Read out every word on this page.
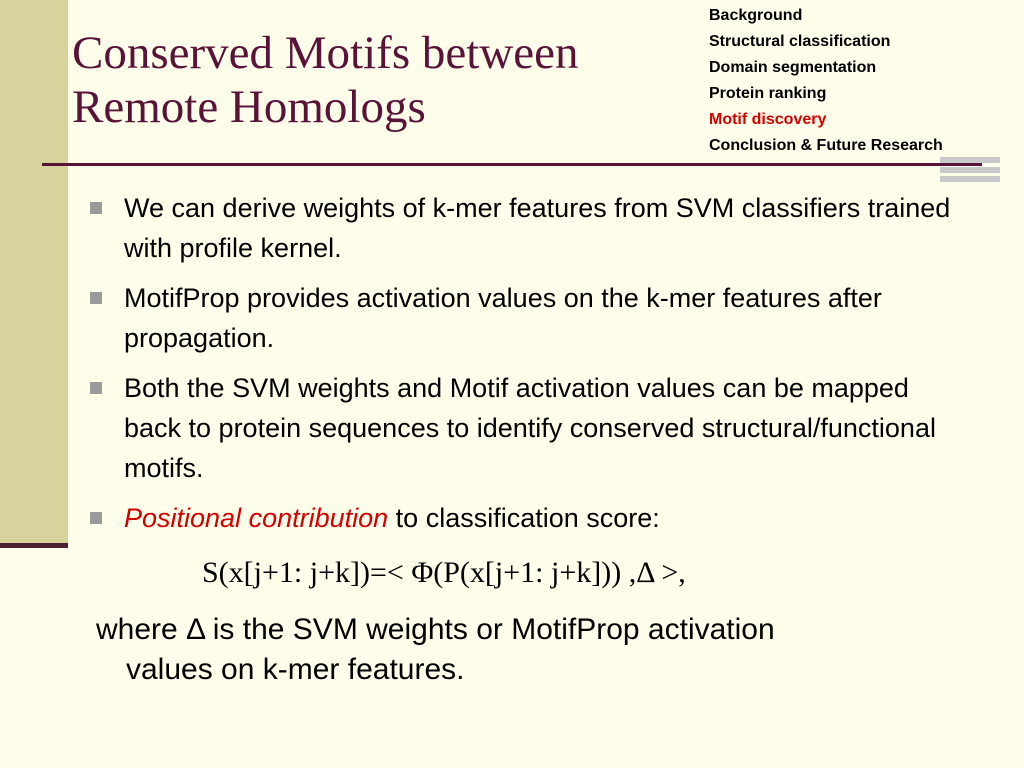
Conserved Motifs between
Remote Homologs
Background
Structural classification
Domain segmentation
Protein ranking
Motif discovery
Conclusion & Future Research
We can derive weights of k-mer features from SVM classifiers trained with profile kernel.
MotifProp provides activation values on the k-mer features after propagation.
Both the SVM weights and Motif activation values can be mapped back to protein sequences to identify conserved structural/functional motifs.
Positional contribution to classification score:
S(x[j+1: j+k])=< Φ(P(x[j+1: j+k])) ,Δ >,
where Δ is the SVM weights or MotifProp activation
values on k-mer features.
